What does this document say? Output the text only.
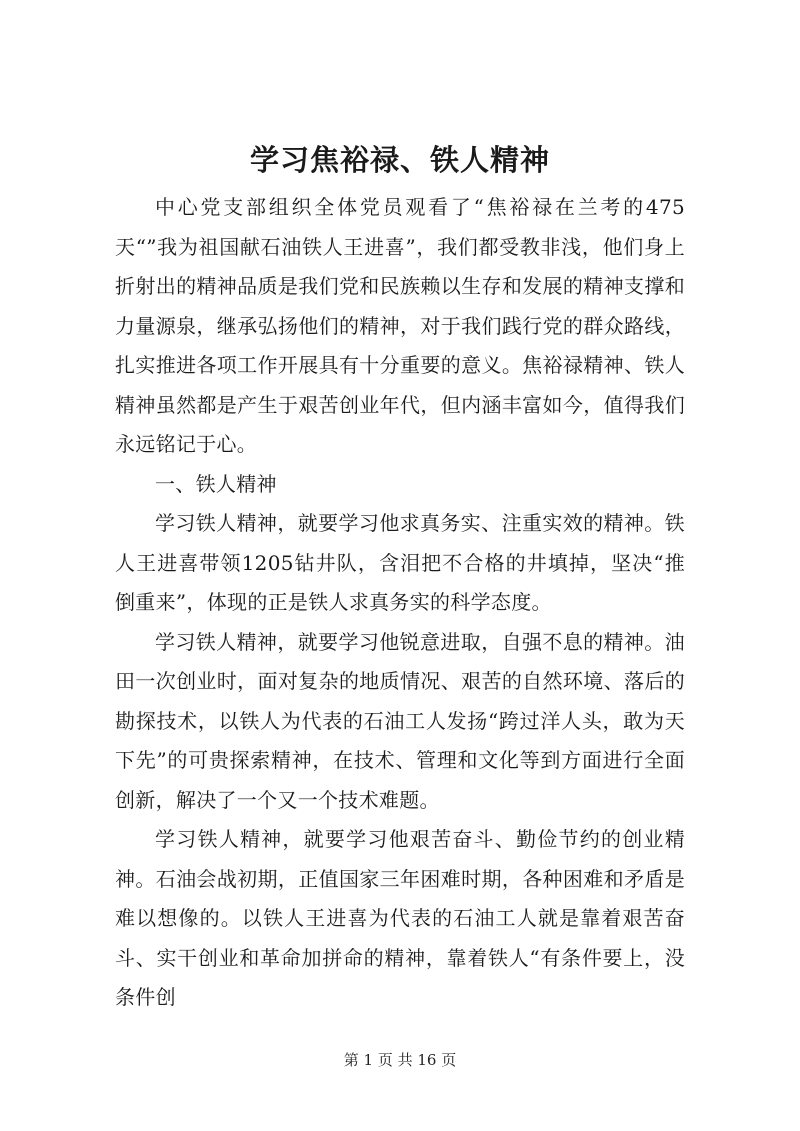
学习焦裕禄、铁人精神

中心党支部组织全体党员观看了“焦裕禄在兰考的475天“”我为祖国献石油铁人王进喜”，我们都受教非浅，他们身上折射出的精神品质是我们党和民族赖以生存和发展的精神支撑和力量源泉，继承弘扬他们的精神，对于我们践行党的群众路线，扎实推进各项工作开展具有十分重要的意义。焦裕禄精神、铁人精神虽然都是产生于艰苦创业年代，但内涵丰富如今，值得我们永远铭记于心。

一、铁人精神

学习铁人精神，就要学习他求真务实、注重实效的精神。铁人王进喜带领1205钻井队，含泪把不合格的井填掉，坚决“推倒重来”，体现的正是铁人求真务实的科学态度。

学习铁人精神，就要学习他锐意进取，自强不息的精神。油田一次创业时，面对复杂的地质情况、艰苦的自然环境、落后的勘探技术，以铁人为代表的石油工人发扬“跨过洋人头，敢为天下先”的可贵探索精神，在技术、管理和文化等到方面进行全面创新，解决了一个又一个技术难题。

学习铁人精神，就要学习他艰苦奋斗、勤俭节约的创业精神。石油会战初期，正值国家三年困难时期，各种困难和矛盾是难以想像的。以铁人王进喜为代表的石油工人就是靠着艰苦奋斗、实干创业和革命加拼命的精神，靠着铁人“有条件要上，没条件创

第 1 页 共 16 页
